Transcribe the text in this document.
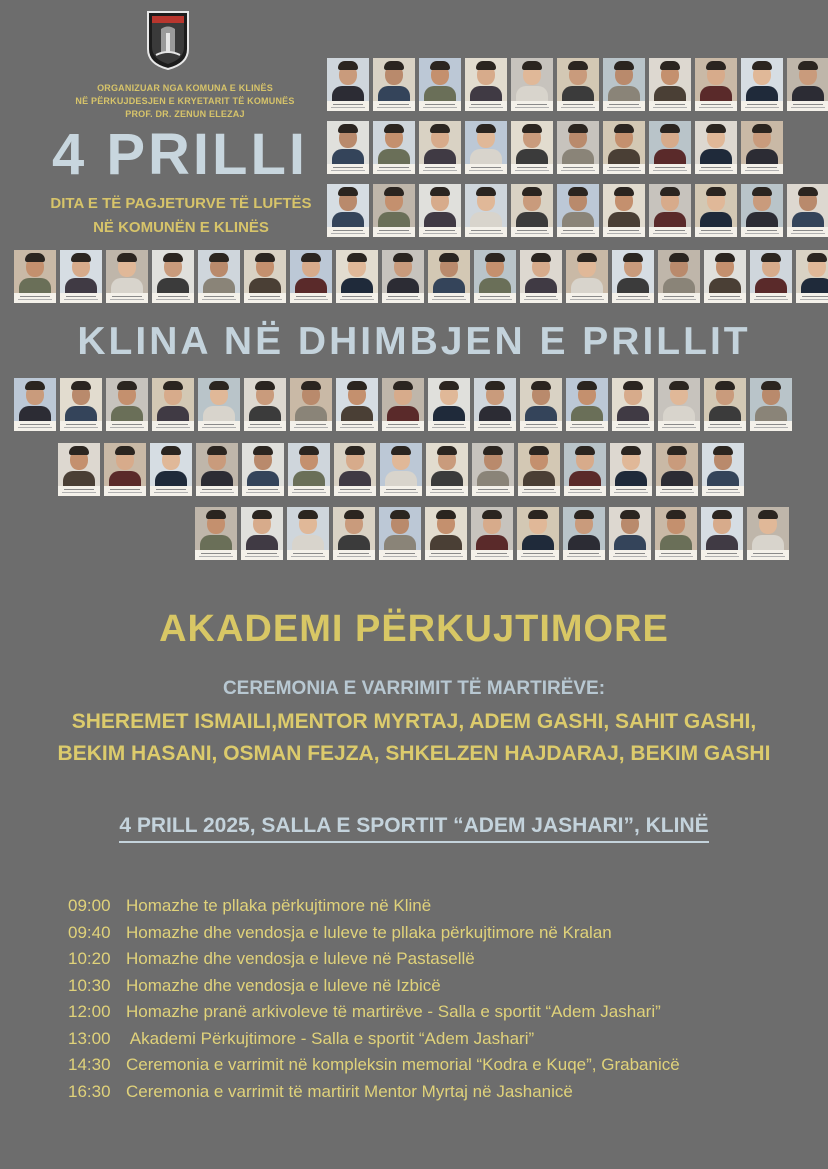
ORGANIZUAR NGA KOMUNA E KLINËS
NË PËRKUJDESJEN E KRYETARIT TË KOMUNËS
PROF. DR. ZENUN ELEZAJ
4 PRILLI
DITA E TË PAGJETURVE TË LUFTËS
NË KOMUNËN E KLINËS
KLINA NË DHIMBJEN E PRILLIT
AKADEMI PËRKUJTIMORE
CEREMONIA E VARRIMIT TË MARTIRËVE:
SHEREMET ISMAILI,MENTOR MYRTAJ, ADEM GASHI, SAHIT GASHI,
BEKIM HASANI, OSMAN FEJZA, SHKELZEN HAJDARAJ, BEKIM GASHI
4 PRILL 2025, SALLA E SPORTIT “ADEM JASHARI”, KLINË
09:00 Homazhe te pllaka përkujtimore në Klinë
09:40 Homazhe dhe vendosja e luleve te pllaka përkujtimore në Kralan
10:20 Homazhe dhe vendosja e luleve në Pastasellë
10:30 Homazhe dhe vendosja e luleve në Izbicë
12:00 Homazhe pranë arkivoleve të martirëve - Salla e sportit “Adem Jashari”
13:00 Akademi Përkujtimore - Salla e sportit “Adem Jashari”
14:30 Ceremonia e varrimit në kompleksin memorial “Kodra e Kuqe”, Grabanicë
16:30 Ceremonia e varrimit të martirit Mentor Myrtaj në Jashanicë
